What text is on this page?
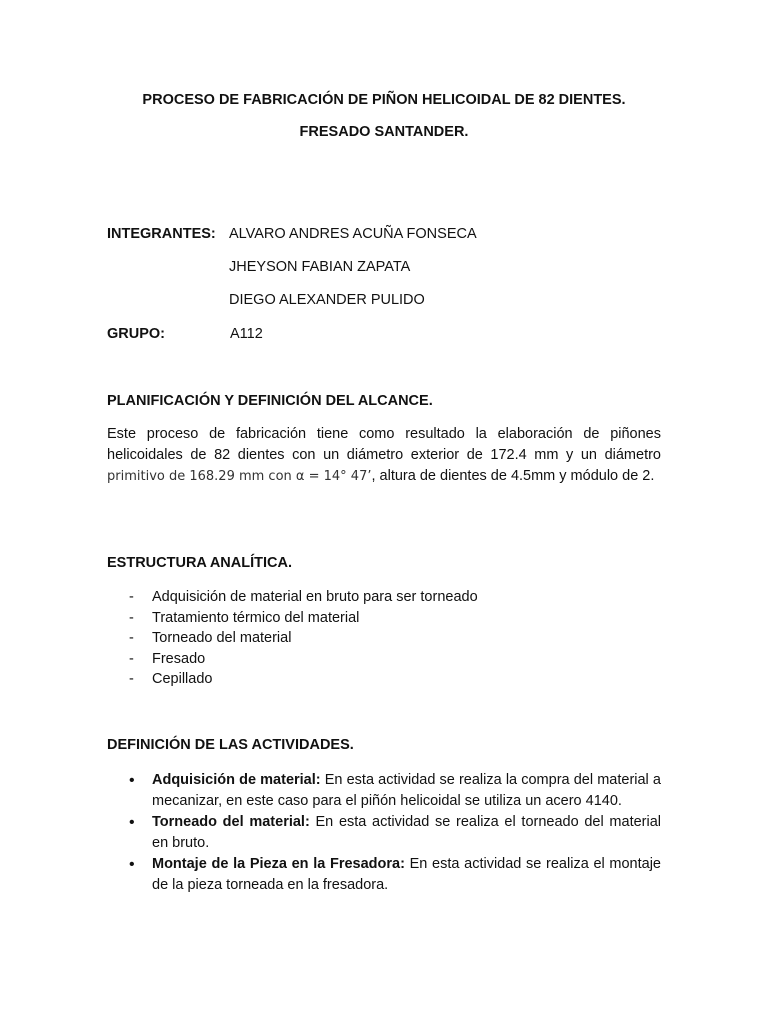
PROCESO DE FABRICACIÓN DE PIÑON HELICOIDAL DE 82 DIENTES.
FRESADO SANTANDER.
INTEGRANTES: ALVARO ANDRES ACUÑA FONSECA
JHEYSON FABIAN ZAPATA
DIEGO ALEXANDER PULIDO
GRUPO:	A112
PLANIFICACIÓN Y DEFINICIÓN DEL ALCANCE.

Este proceso de fabricación tiene como resultado la elaboración de piñones helicoidales de 82 dientes con un diámetro exterior de 172.4 mm y un diámetro primitivo de 168.29 mm con α = 14° 47’, altura de dientes de 4.5mm y módulo de 2.

ESTRUCTURA ANALÍTICA.
- Adquisición de material en bruto para ser torneado
- Tratamiento térmico del material
- Torneado del material
- Fresado
- Cepillado
DEFINICIÓN DE LAS ACTIVIDADES.
• Adquisición de material: En esta actividad se realiza la compra del material a mecanizar, en este caso para el piñón helicoidal se utiliza un acero 4140.
• Torneado del material: En esta actividad se realiza el torneado del material en bruto.
• Montaje de la Pieza en la Fresadora: En esta actividad se realiza el montaje de la pieza torneada en la fresadora.
